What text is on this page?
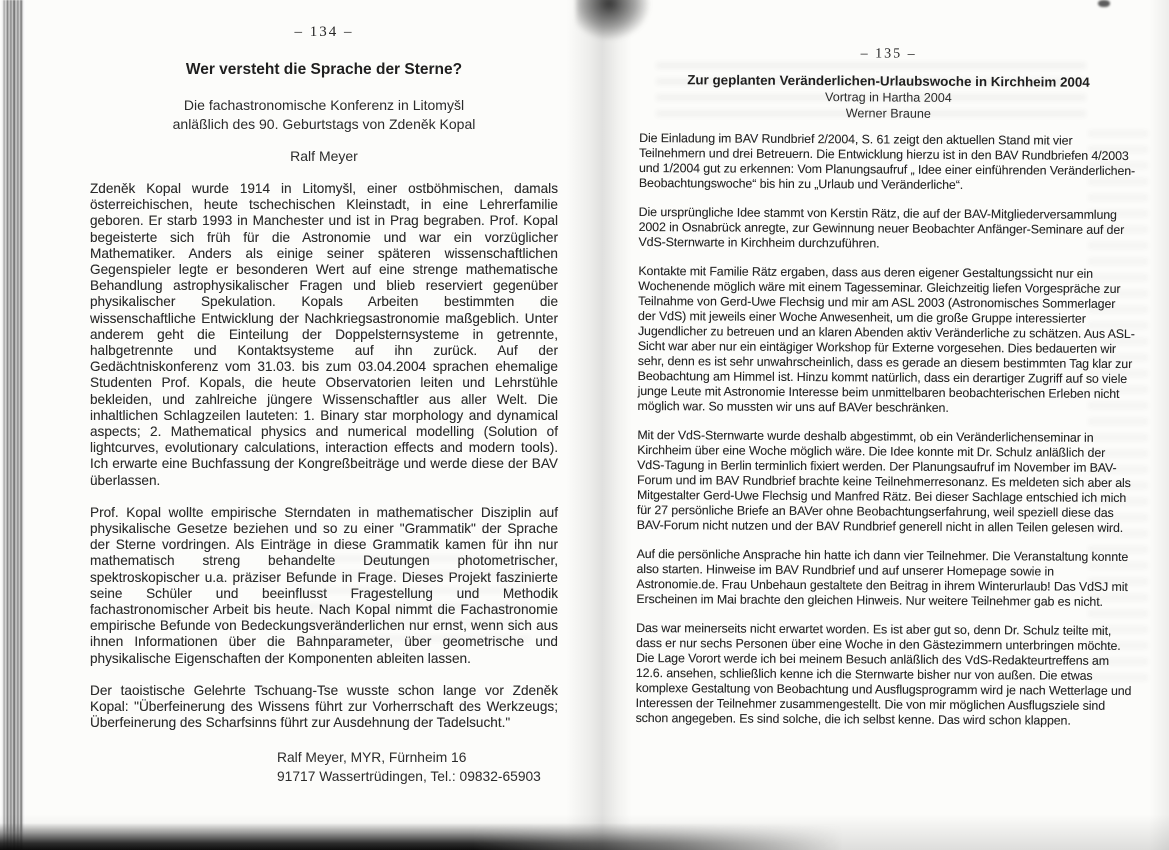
– 134 –
Wer versteht die Sprache der Sterne?
Die fachastronomische Konferenz in Litomyšl
anläßlich des 90. Geburtstags von Zdeněk Kopal
Ralf Meyer

Zdeněk Kopal wurde 1914 in Litomyšl, einer ostböhmischen, damals österreichischen, heute tschechischen Kleinstadt, in eine Lehrerfamilie geboren. Er starb 1993 in Manchester und ist in Prag begraben. Prof. Kopal begeisterte sich früh für die Astronomie und war ein vorzüglicher Mathematiker. Anders als einige seiner späteren wissenschaftlichen Gegenspieler legte er besonderen Wert auf eine strenge mathematische Behandlung astrophysikalischer Fragen und blieb reserviert gegenüber physikalischer Spekulation. Kopals Arbeiten bestimmten die wissenschaftliche Entwicklung der Nachkriegsastronomie maßgeblich. Unter anderem geht die Einteilung der Doppelsternsysteme in getrennte, halbgetrennte und Kontaktsysteme auf ihn zurück. Auf der Gedächtniskonferenz vom 31.03. bis zum 03.04.2004 sprachen ehemalige Studenten Prof. Kopals, die heute Observatorien leiten und Lehrstühle bekleiden, und zahlreiche jüngere Wissenschaftler aus aller Welt. Die inhaltlichen Schlagzeilen lauteten: 1. Binary star morphology and dynamical aspects; 2. Mathematical physics and numerical modelling (Solution of lightcurves, evolutionary calculations, interaction effects and modern tools). Ich erwarte eine Buchfassung der Kongreßbeiträge und werde diese der BAV überlassen.

Prof. Kopal wollte empirische Sterndaten in mathematischer Disziplin auf physikalische Gesetze beziehen und so zu einer "Grammatik" der Sprache der Sterne vordringen. Als Einträge in diese Grammatik kamen für ihn nur mathematisch streng behandelte Deutungen photometrischer, spektroskopischer u.a. präziser Befunde in Frage. Dieses Projekt faszinierte seine Schüler und beeinflusst Fragestellung und Methodik fachastronomischer Arbeit bis heute. Nach Kopal nimmt die Fachastronomie empirische Befunde von Bedeckungsveränderlichen nur ernst, wenn sich aus ihnen Informationen über die Bahnparameter, über geometrische und physikalische Eigenschaften der Komponenten ableiten lassen.

Der taoistische Gelehrte Tschuang-Tse wusste schon lange vor Zdeněk Kopal: "Überfeinerung des Wissens führt zur Vorherrschaft des Werkzeugs; Überfeinerung des Scharfsinns führt zur Ausdehnung der Tadelsucht."

Ralf Meyer, MYR, Fürnheim 16
91717 Wassertrüdingen, Tel.: 09832-65903
– 135 –
Zur geplanten Veränderlichen-Urlaubswoche in Kirchheim 2004
Vortrag in Hartha 2004
Werner Braune

Die Einladung im BAV Rundbrief 2/2004, S. 61 zeigt den aktuellen Stand mit vier Teilnehmern und drei Betreuern. Die Entwicklung hierzu ist in den BAV Rundbriefen 4/2003 und 1/2004 gut zu erkennen: Vom Planungsaufruf „ Idee einer einführenden Veränderlichen-Beobachtungswoche“ bis hin zu „Urlaub und Veränderliche“.

Die ursprüngliche Idee stammt von Kerstin Rätz, die auf der BAV-Mitgliederversammlung 2002 in Osnabrück anregte, zur Gewinnung neuer Beobachter Anfänger-Seminare auf der VdS-Sternwarte in Kirchheim durchzuführen.

Kontakte mit Familie Rätz ergaben, dass aus deren eigener Gestaltungssicht nur ein Wochenende möglich wäre mit einem Tagesseminar. Gleichzeitig liefen Vorgespräche zur Teilnahme von Gerd-Uwe Flechsig und mir am ASL 2003 (Astronomisches Sommerlager der VdS) mit jeweils einer Woche Anwesenheit, um die große Gruppe interessierter Jugendlicher zu betreuen und an klaren Abenden aktiv Veränderliche zu schätzen. Aus ASL-Sicht war aber nur ein eintägiger Workshop für Externe vorgesehen. Dies bedauerten wir sehr, denn es ist sehr unwahrscheinlich, dass es gerade an diesem bestimmten Tag klar zur Beobachtung am Himmel ist. Hinzu kommt natürlich, dass ein derartiger Zugriff auf so viele junge Leute mit Astronomie Interesse beim unmittelbaren beobachterischen Erleben nicht möglich war. So mussten wir uns auf BAVer beschränken.

Mit der VdS-Sternwarte wurde deshalb abgestimmt, ob ein Veränderlichenseminar in Kirchheim über eine Woche möglich wäre. Die Idee konnte mit Dr. Schulz anläßlich der VdS-Tagung in Berlin terminlich fixiert werden. Der Planungsaufruf im November im BAV-Forum und im BAV Rundbrief brachte keine Teilnehmerresonanz. Es meldeten sich aber als Mitgestalter Gerd-Uwe Flechsig und Manfred Rätz. Bei dieser Sachlage entschied ich mich für 27 persönliche Briefe an BAVer ohne Beobachtungserfahrung, weil speziell diese das BAV-Forum nicht nutzen und der BAV Rundbrief generell nicht in allen Teilen gelesen wird.

Auf die persönliche Ansprache hin hatte ich dann vier Teilnehmer. Die Veranstaltung konnte also starten. Hinweise im BAV Rundbrief und auf unserer Homepage sowie in Astronomie.de. Frau Unbehaun gestaltete den Beitrag in ihrem Winterurlaub! Das VdSJ mit Erscheinen im Mai brachte den gleichen Hinweis. Nur weitere Teilnehmer gab es nicht.

Das war meinerseits nicht erwartet worden. Es ist aber gut so, denn Dr. Schulz teilte mit, dass er nur sechs Personen über eine Woche in den Gästezimmern unterbringen möchte. Die Lage Vorort werde ich bei meinem Besuch anläßlich des VdS-Redakteurtreffens am 12.6. ansehen, schließlich kenne ich die Sternwarte bisher nur von außen. Die etwas komplexe Gestaltung von Beobachtung und Ausflugsprogramm wird je nach Wetterlage und Interessen der Teilnehmer zusammengestellt. Die von mir möglichen Ausflugsziele sind schon angegeben. Es sind solche, die ich selbst kenne. Das wird schon klappen.
